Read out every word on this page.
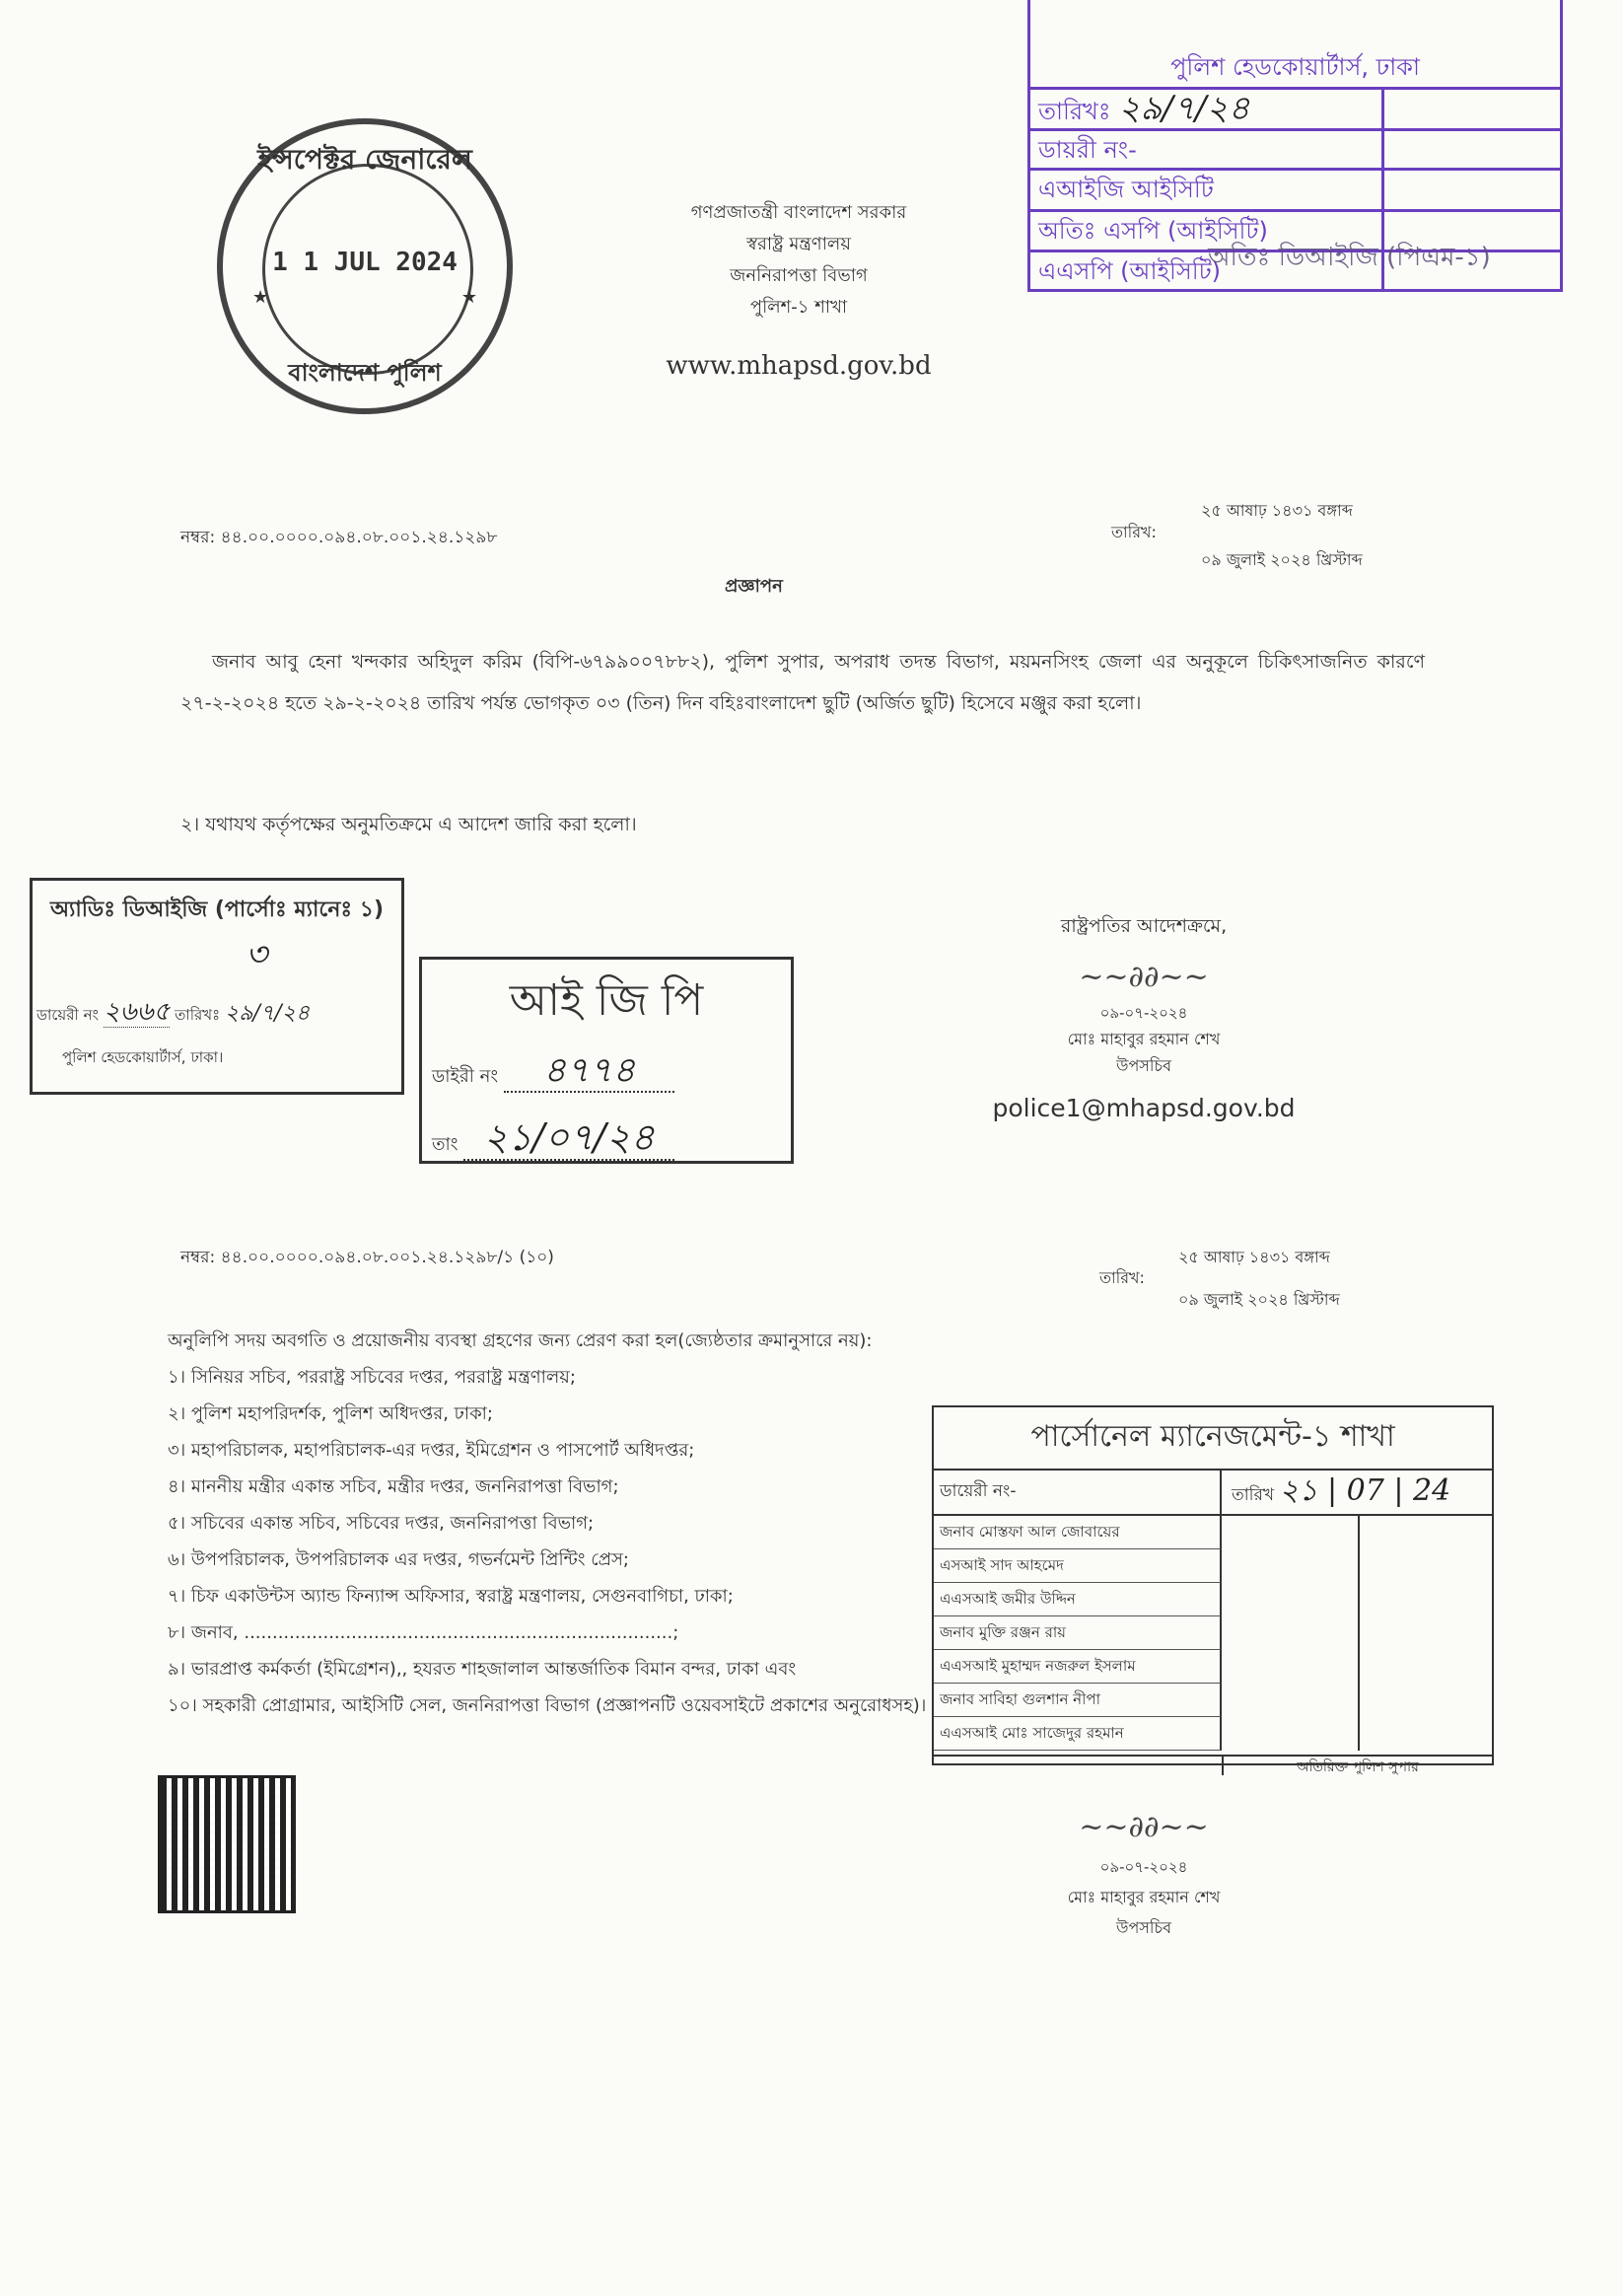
ইন্সপেক্টর জেনারেল
1 1 JUL 2024
★	★
বাংলাদেশ পুলিশ
গণপ্রজাতন্ত্রী বাংলাদেশ সরকার
স্বরাষ্ট্র মন্ত্রণালয়
জননিরাপত্তা বিভাগ
পুলিশ-১ শাখা
www.mhapsd.gov.bd
পুলিশ হেডকোয়ার্টার্স, ঢাকা
তারিখঃ ২৯/৭/২৪
ডায়রী নং-
এআইজি আইসিটি
অতিঃ এসপি (আইসিটি)
এএসপি (আইসিটি)
অতিঃ ডিআইজি (পিএম-১)
নম্বর: ৪৪.০০.০০০০.০৯৪.০৮.০০১.২৪.১২৯৮	তারিখ:
২৫ আষাঢ় ১৪৩১ বঙ্গাব্দ
০৯ জুলাই ২০২৪ খ্রিস্টাব্দ
প্রজ্ঞাপন
জনাব আবু হেনা খন্দকার অহিদুল করিম (বিপি-৬৭৯৯০০৭৮৮২), পুলিশ সুপার, অপরাধ তদন্ত বিভাগ, ময়মনসিংহ জেলা এর অনুকূলে চিকিৎসাজনিত কারণে ২৭-২-২০২৪ হতে ২৯-২-২০২৪ তারিখ পর্যন্ত ভোগকৃত ০৩ (তিন) দিন বহিঃবাংলাদেশ ছুটি (অর্জিত ছুটি) হিসেবে মঞ্জুর করা হলো।
২। যথাযথ কর্তৃপক্ষের অনুমতিক্রমে এ আদেশ জারি করা হলো।
অ্যাডিঃ ডিআইজি (পার্সোঃ ম্যানেঃ ১)
৩
ডায়েরী নং ২৬৬৫ তারিখঃ ২৯/৭/২৪
পুলিশ হেডকোয়ার্টার্স, ঢাকা।
আই জি পি
ডাইরী নং ৪৭৭৪
তাং ২১/০৭/২৪
রাষ্ট্রপতির আদেশক্রমে,
~~∂∂~~
০৯-০৭-২০২৪
মোঃ মাহাবুর রহমান শেখ
উপসচিব
police1@mhapsd.gov.bd
নম্বর: ৪৪.০০.০০০০.০৯৪.০৮.০০১.২৪.১২৯৮/১ (১০)
তারিখ:
২৫ আষাঢ় ১৪৩১ বঙ্গাব্দ
০৯ জুলাই ২০২৪ খ্রিস্টাব্দ
অনুলিপি সদয় অবগতি ও প্রয়োজনীয় ব্যবস্থা গ্রহণের জন্য প্রেরণ করা হল(জ্যেষ্ঠতার ক্রমানুসারে নয়):
১। সিনিয়র সচিব, পররাষ্ট্র সচিবের দপ্তর, পররাষ্ট্র মন্ত্রণালয়;
২। পুলিশ মহাপরিদর্শক, পুলিশ অধিদপ্তর, ঢাকা;
৩। মহাপরিচালক, মহাপরিচালক-এর দপ্তর, ইমিগ্রেশন ও পাসপোর্ট অধিদপ্তর;
৪। মাননীয় মন্ত্রীর একান্ত সচিব, মন্ত্রীর দপ্তর, জননিরাপত্তা বিভাগ;
৫। সচিবের একান্ত সচিব, সচিবের দপ্তর, জননিরাপত্তা বিভাগ;
৬। উপপরিচালক, উপপরিচালক এর দপ্তর, গভর্নমেন্ট প্রিন্টিং প্রেস;
৭। চিফ একাউন্টস অ্যান্ড ফিন্যান্স অফিসার, স্বরাষ্ট্র মন্ত্রণালয়, সেগুনবাগিচা, ঢাকা;
৮। জনাব, ............................................................................;
৯। ভারপ্রাপ্ত কর্মকর্তা (ইমিগ্রেশন),, হযরত শাহজালাল আন্তর্জাতিক বিমান বন্দর, ঢাকা এবং
১০। সহকারী প্রোগ্রামার, আইসিটি সেল, জননিরাপত্তা বিভাগ (প্রজ্ঞাপনটি ওয়েবসাইটে প্রকাশের অনুরোধসহ)।
পার্সোনেল ম্যানেজমেন্ট-১ শাখা
ডায়েরী নং-	তারিখ ২১ | 07 | 24
জনাব মোস্তফা আল জোবায়ের
এসআই সাদ আহমেদ
এএসআই জমীর উদ্দিন
জনাব মুক্তি রঞ্জন রায়
এএসআই মুহাম্মদ নজরুল ইসলাম
জনাব সাবিহা গুলশান নীপা
এএসআই মোঃ সাজেদুর রহমান
অতিরিক্ত পুলিশ সুপার
~~∂∂~~
০৯-০৭-২০২৪
মোঃ মাহাবুর রহমান শেখ
উপসচিব
